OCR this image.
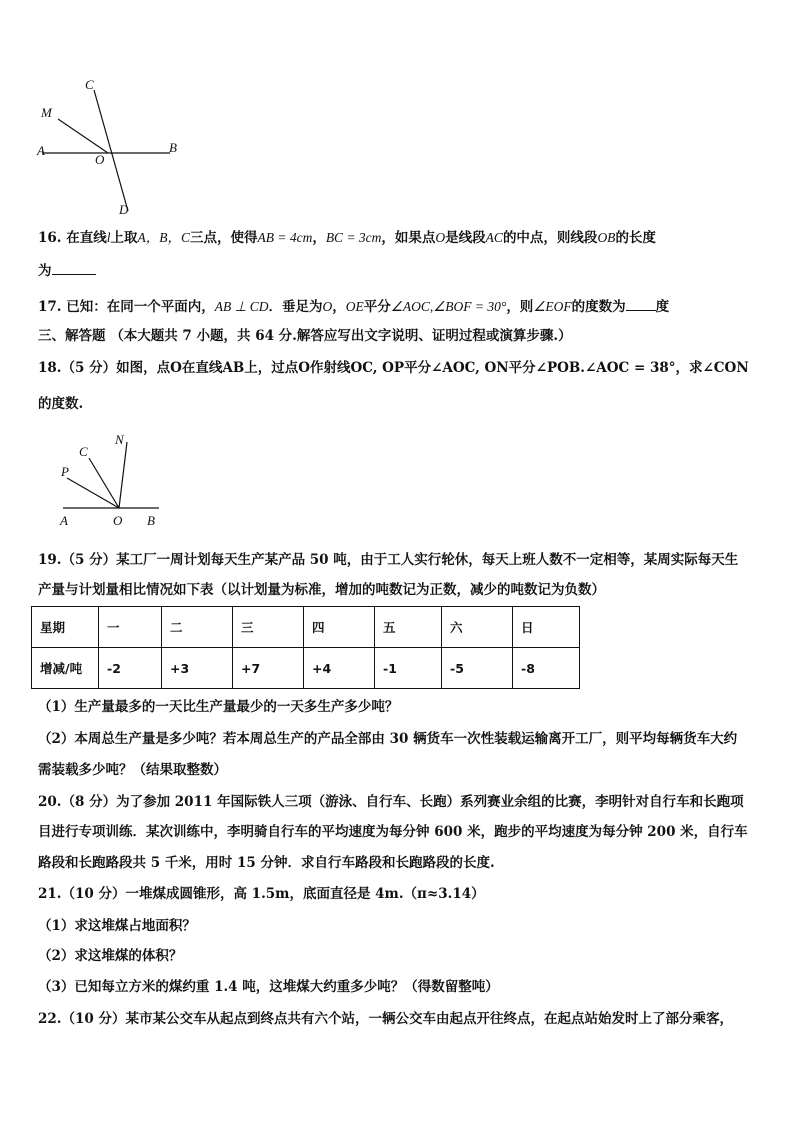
C
M
A
O
B
D
16. 在直线l上取A，B，C三点，使得AB = 4cm，BC = 3cm，如果点O是线段AC的中点，则线段OB的长度
为
17. 已知：在同一个平面内，AB ⊥ CD．垂足为O，OE平分∠AOC,∠BOF = 30°，则∠EOF的度数为 度
三、解答题 （本大题共 7 小题，共 64 分.解答应写出文字说明、证明过程或演算步骤.）
18.（5 分）如图，点O在直线AB上，过点O作射线OC, OP平分∠AOC, ON平分∠POB.∠AOC = 38°，求∠CON
的度数.
N
C
P
A	O B
19.（5 分）某工厂一周计划每天生产某产品 50 吨，由于工人实行轮休，每天上班人数不一定相等，某周实际每天生
产量与计划量相比情况如下表（以计划量为标准，增加的吨数记为正数，减少的吨数记为负数）
星期	一	二	三	四	五	六	日
增减/吨	-2	+3	+7	+4	-1	-5	-8
（1）生产量最多的一天比生产量最少的一天多生产多少吨？
（2）本周总生产量是多少吨？若本周总生产的产品全部由 30 辆货车一次性装载运输离开工厂，则平均每辆货车大约
需装载多少吨？（结果取整数）
20.（8 分）为了参加 2011 年国际铁人三项（游泳、自行车、长跑）系列赛业余组的比赛，李明针对自行车和长跑项
目进行专项训练．某次训练中，李明骑自行车的平均速度为每分钟 600 米，跑步的平均速度为每分钟 200 米，自行车
路段和长跑路段共 5 千米，用时 15 分钟．求自行车路段和长跑路段的长度.
21.（10 分）一堆煤成圆锥形，高 1.5m，底面直径是 4m.（π≈3.14）
（1）求这堆煤占地面积？
（2）求这堆煤的体积？
（3）已知每立方米的煤约重 1.4 吨，这堆煤大约重多少吨？（得数留整吨）
22.（10 分）某市某公交车从起点到终点共有六个站，一辆公交车由起点开往终点，在起点站始发时上了部分乘客，
